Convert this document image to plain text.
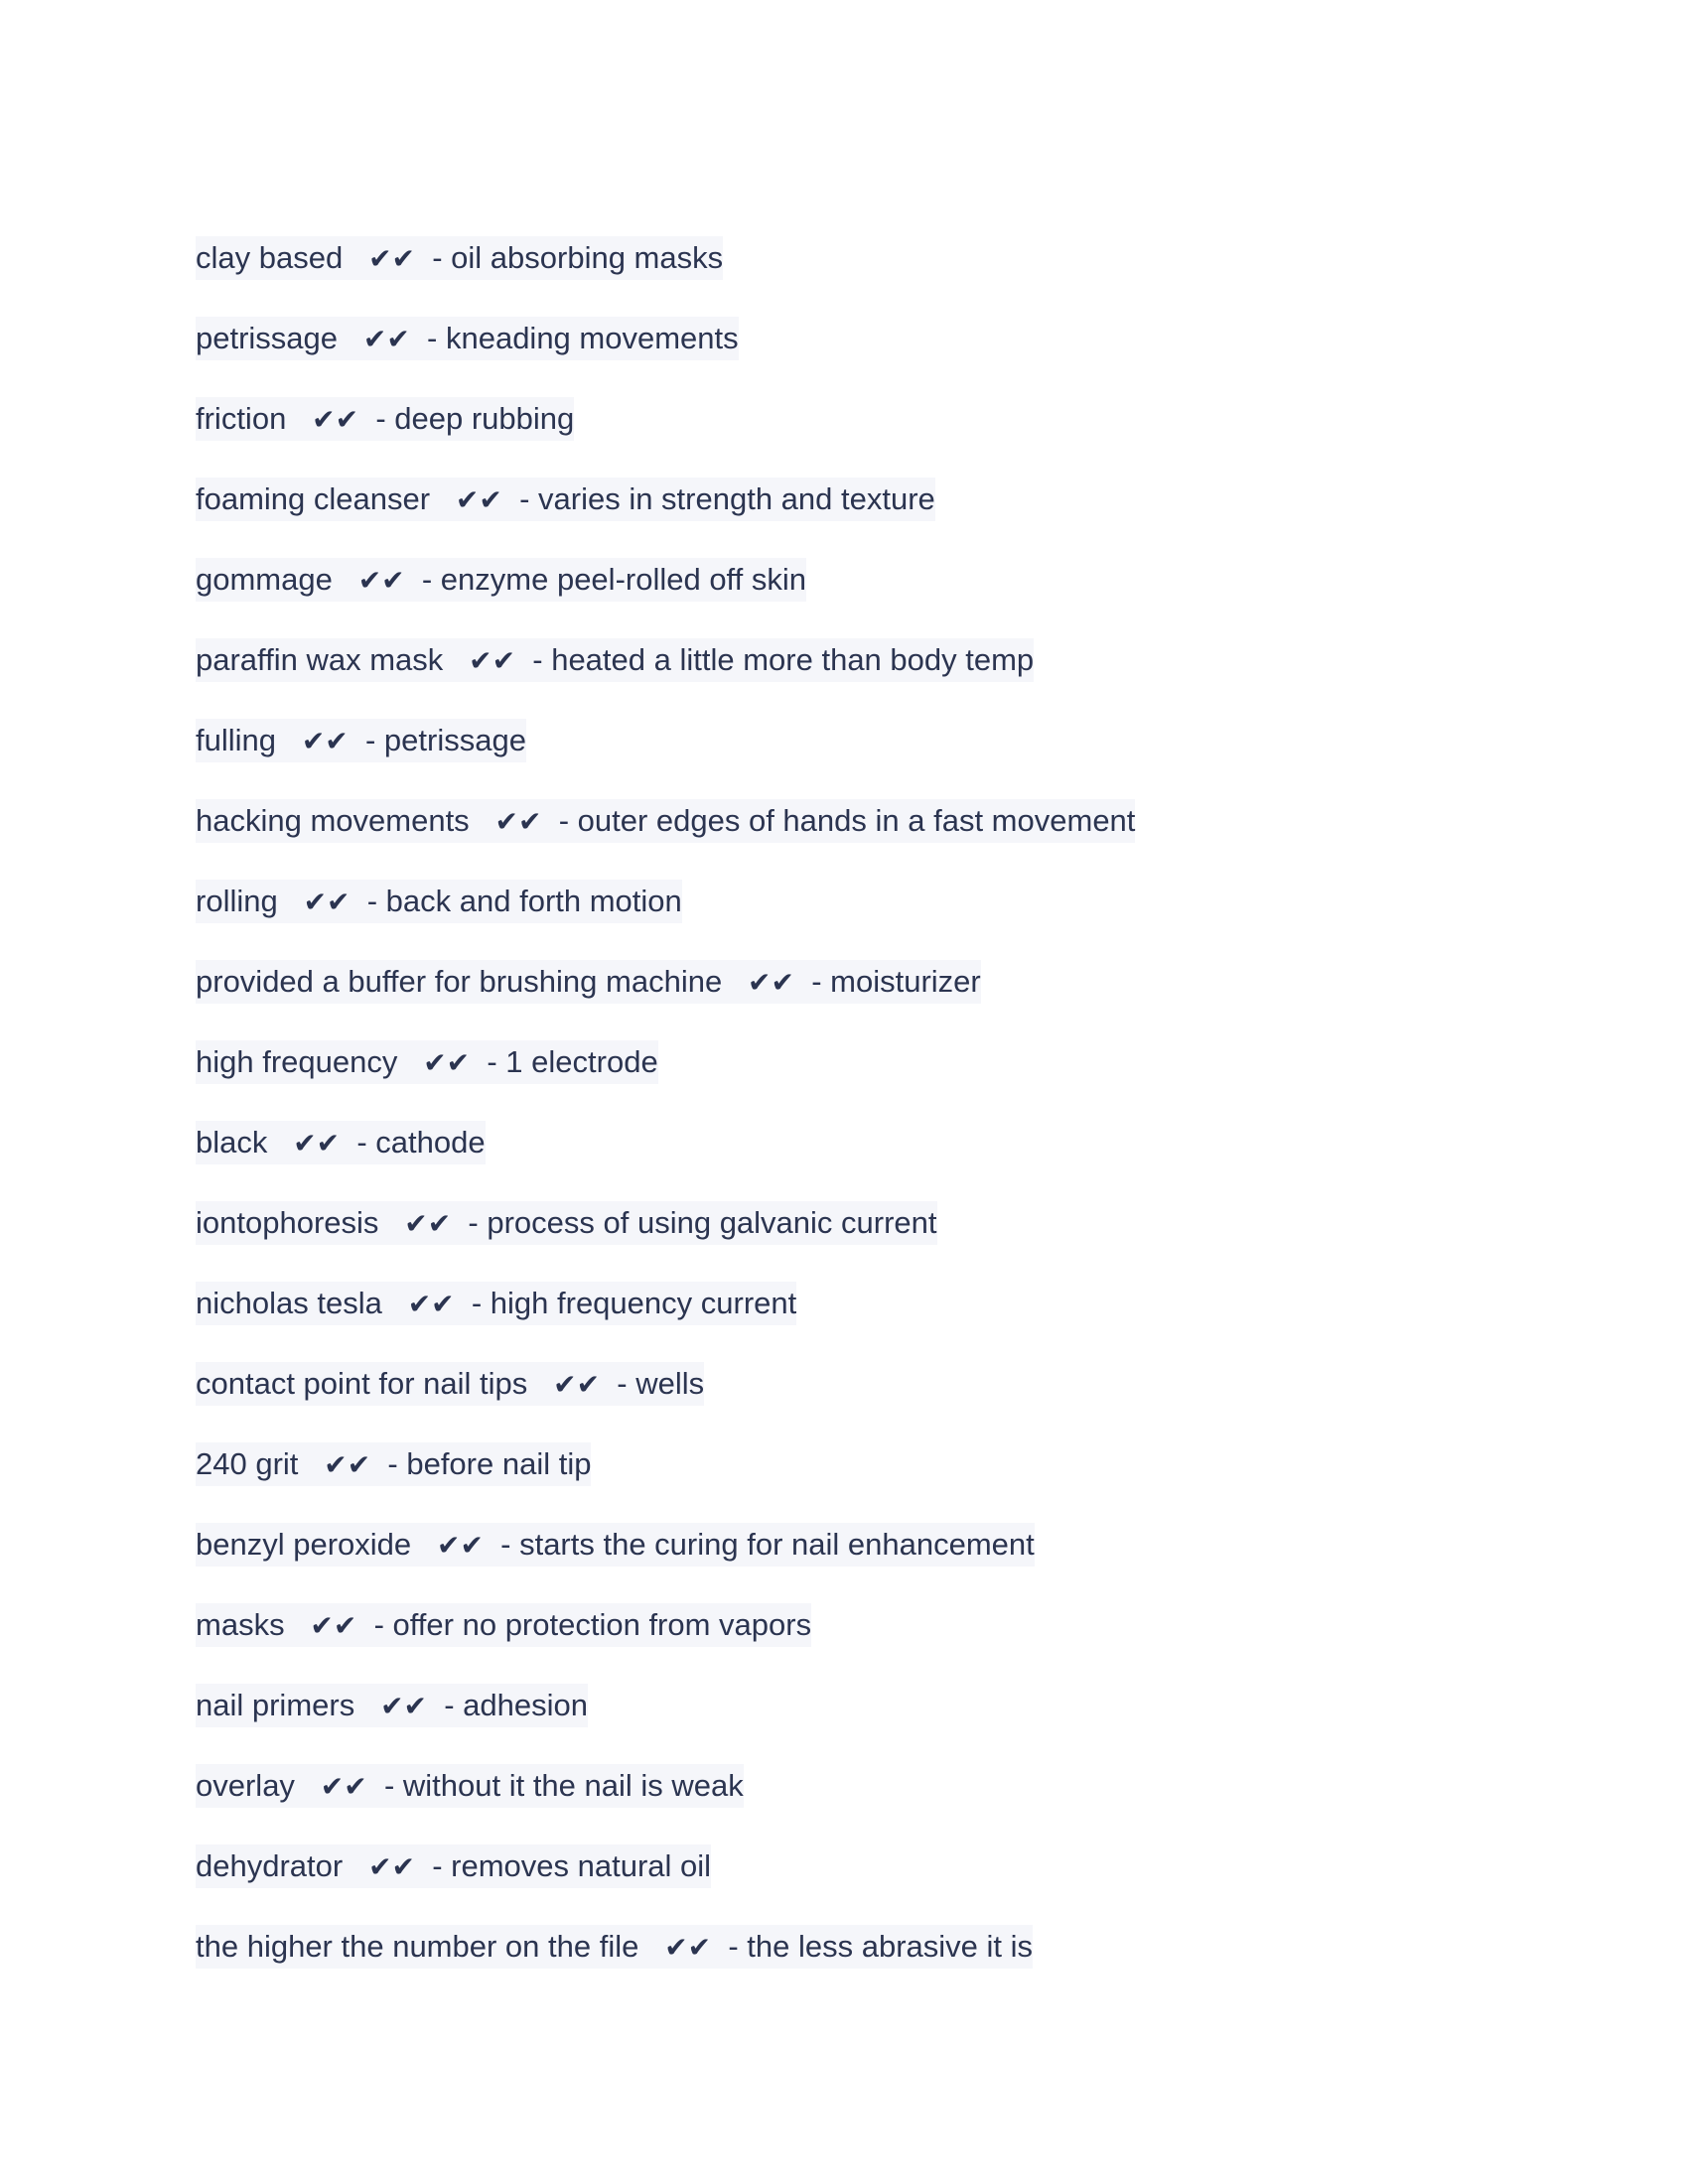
clay based ✔✔ - oil absorbing masks
petrissage ✔✔ - kneading movements
friction ✔✔ - deep rubbing
foaming cleanser ✔✔ - varies in strength and texture
gommage ✔✔ - enzyme peel-rolled off skin
paraffin wax mask ✔✔ - heated a little more than body temp
fulling ✔✔ - petrissage
hacking movements ✔✔ - outer edges of hands in a fast movement
rolling ✔✔ - back and forth motion
provided a buffer for brushing machine ✔✔ - moisturizer
high frequency ✔✔ - 1 electrode
black ✔✔ - cathode
iontophoresis ✔✔ - process of using galvanic current
nicholas tesla ✔✔ - high frequency current
contact point for nail tips ✔✔ - wells
240 grit ✔✔ - before nail tip
benzyl peroxide ✔✔ - starts the curing for nail enhancement
masks ✔✔ - offer no protection from vapors
nail primers ✔✔ - adhesion
overlay ✔✔ - without it the nail is weak
dehydrator ✔✔ - removes natural oil
the higher the number on the file ✔✔ - the less abrasive it is
